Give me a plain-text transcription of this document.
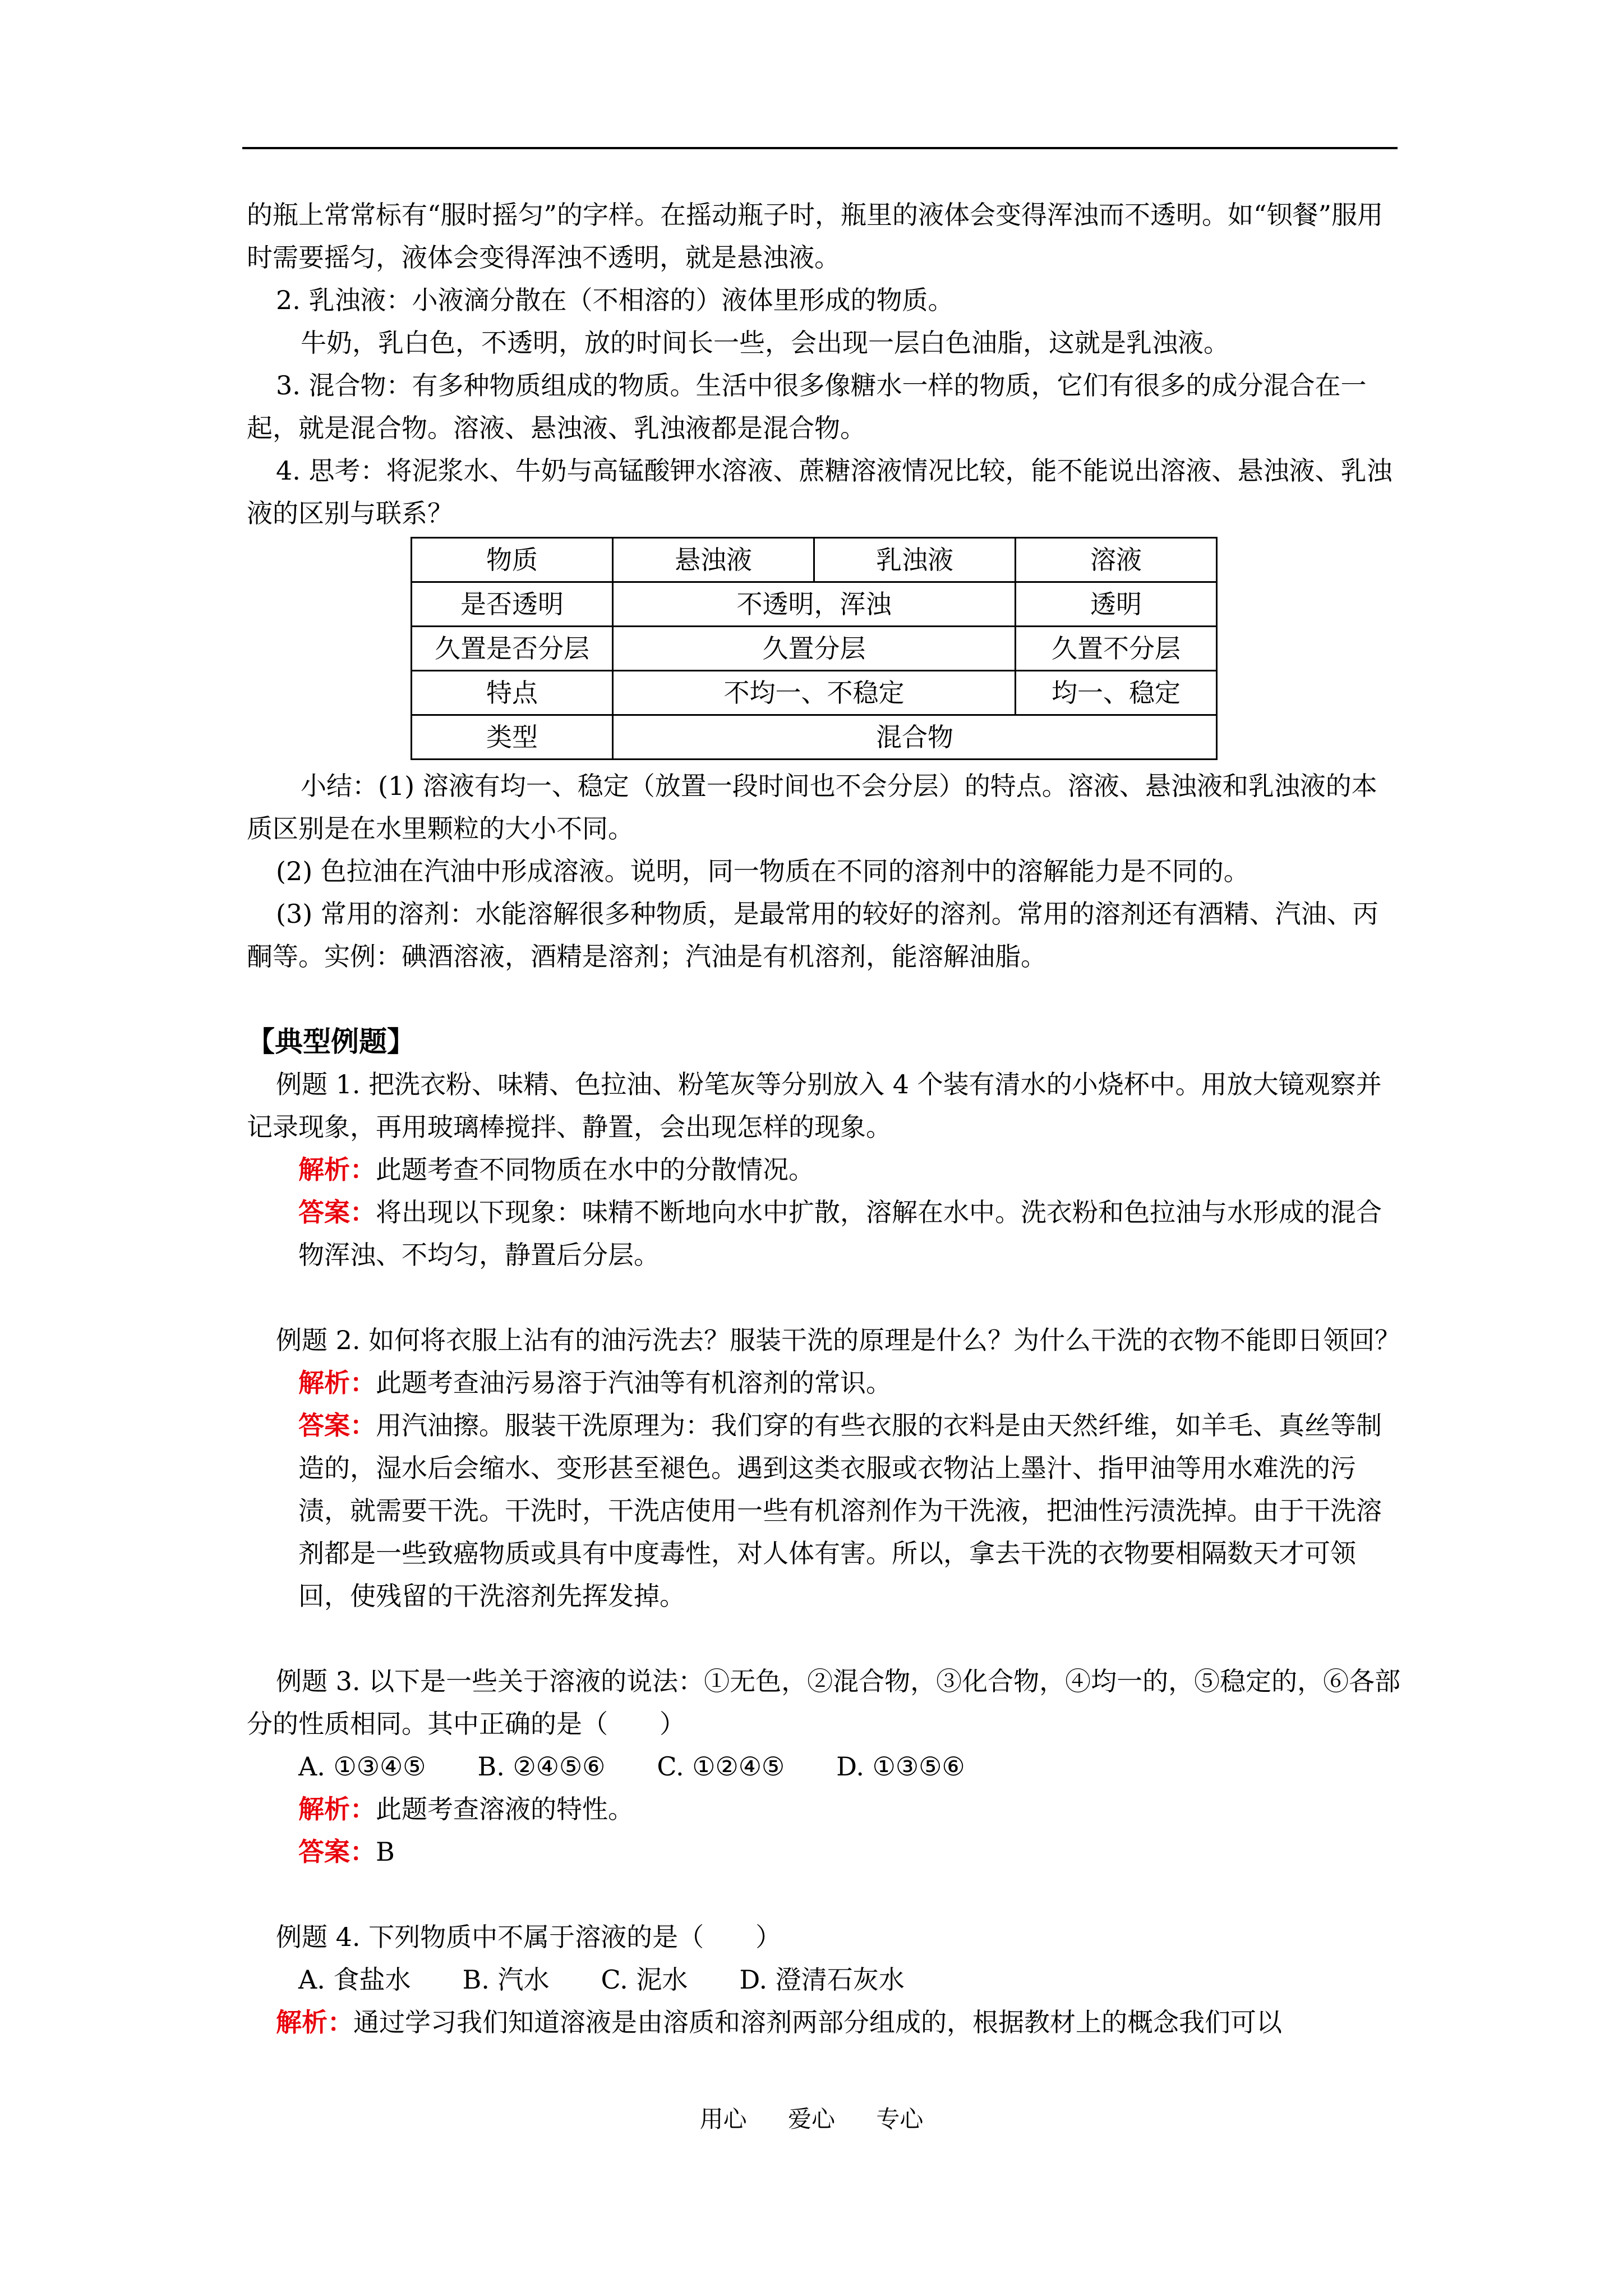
的瓶上常常标有“服时摇匀”的字样。在摇动瓶子时，瓶里的液体会变得浑浊而不透明。如“钡餐”服用时需要摇匀，液体会变得浑浊不透明，就是悬浊液。

2. 乳浊液：小液滴分散在（不相溶的）液体里形成的物质。

牛奶，乳白色，不透明，放的时间长一些，会出现一层白色油脂，这就是乳浊液。

3. 混合物：有多种物质组成的物质。生活中很多像糖水一样的物质，它们有很多的成分混合在一起，就是混合物。溶液、悬浊液、乳浊液都是混合物。

4. 思考：将泥浆水、牛奶与高锰酸钾水溶液、蔗糖溶液情况比较，能不能说出溶液、悬浊液、乳浊液的区别与联系？

物质	悬浊液	乳浊液	溶液
是否透明	不透明，浑浊		透明
久置是否分层	久置分层		久置不分层
特点	不均一、不稳定		均一、稳定
类型	混合物		

小结：(1) 溶液有均一、稳定（放置一段时间也不会分层）的特点。溶液、悬浊液和乳浊液的本质区别是在水里颗粒的大小不同。

(2) 色拉油在汽油中形成溶液。说明，同一物质在不同的溶剂中的溶解能力是不同的。

(3) 常用的溶剂：水能溶解很多种物质，是最常用的较好的溶剂。常用的溶剂还有酒精、汽油、丙酮等。实例：碘酒溶液，酒精是溶剂；汽油是有机溶剂，能溶解油脂。

【典型例题】

例题 1. 把洗衣粉、味精、色拉油、粉笔灰等分别放入 4 个装有清水的小烧杯中。用放大镜观察并记录现象，再用玻璃棒搅拌、静置，会出现怎样的现象。

解析：此题考查不同物质在水中的分散情况。

答案：将出现以下现象：味精不断地向水中扩散，溶解在水中。洗衣粉和色拉油与水形成的混合物浑浊、不均匀，静置后分层。

例题 2. 如何将衣服上沾有的油污洗去？服装干洗的原理是什么？为什么干洗的衣物不能即日领回？

解析：此题考查油污易溶于汽油等有机溶剂的常识。

答案：用汽油擦。服装干洗原理为：我们穿的有些衣服的衣料是由天然纤维，如羊毛、真丝等制造的，湿水后会缩水、变形甚至褪色。遇到这类衣服或衣物沾上墨汁、指甲油等用水难洗的污渍，就需要干洗。干洗时，干洗店使用一些有机溶剂作为干洗液，把油性污渍洗掉。由于干洗溶剂都是一些致癌物质或具有中度毒性，对人体有害。所以，拿去干洗的衣物要相隔数天才可领回，使残留的干洗溶剂先挥发掉。

例题 3. 以下是一些关于溶液的说法：①无色，②混合物，③化合物，④均一的，⑤稳定的，⑥各部分的性质相同。其中正确的是（　　）

A. ①③④⑤　　B. ②④⑤⑥　　C. ①②④⑤　　D. ①③⑤⑥

解析：此题考查溶液的特性。

答案：B

例题 4. 下列物质中不属于溶液的是（　　）

A. 食盐水　　B. 汽水　　C. 泥水　　D. 澄清石灰水

解析：通过学习我们知道溶液是由溶质和溶剂两部分组成的，根据教材上的概念我们可以

用心 爱心 专心
